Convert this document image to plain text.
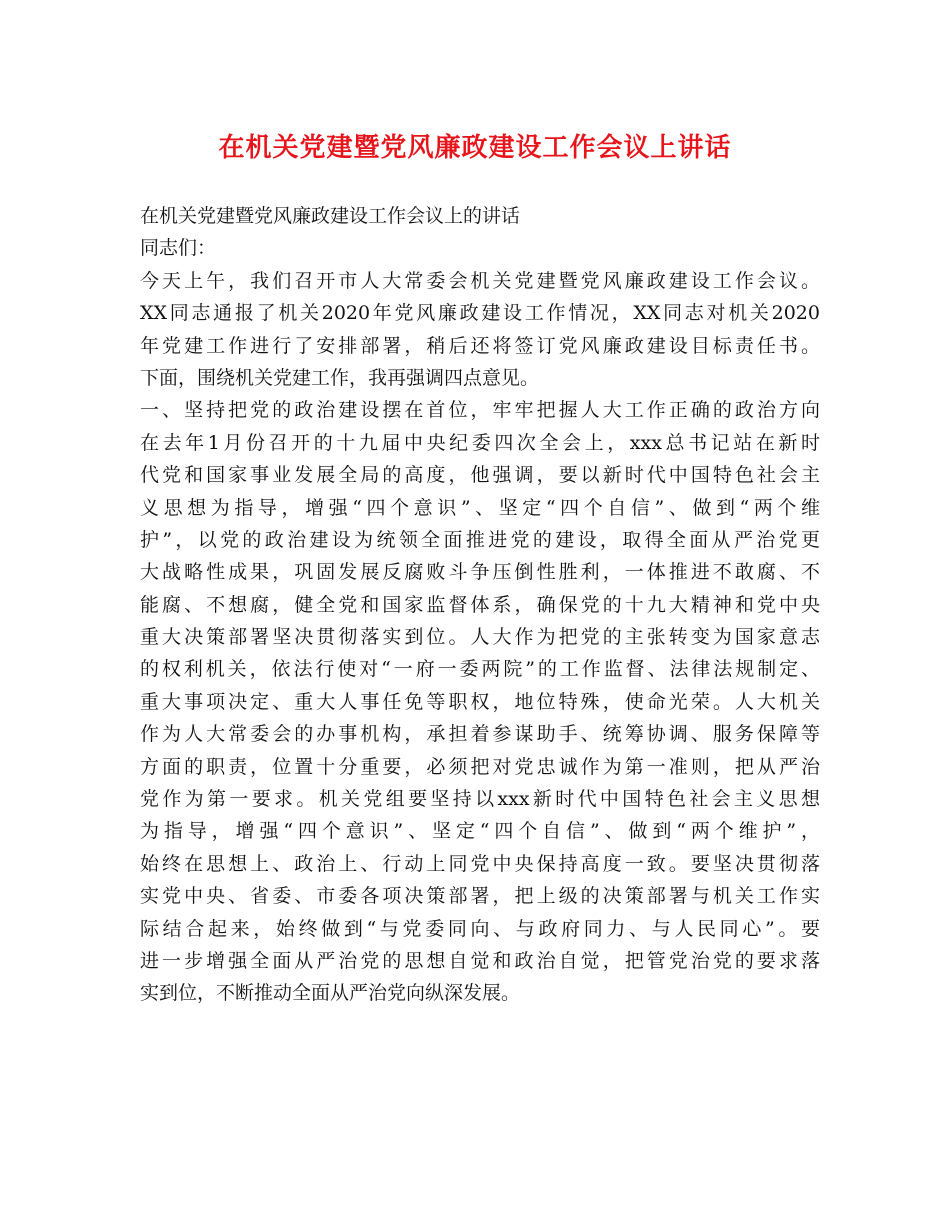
在机关党建暨党风廉政建设工作会议上讲话
在机关党建暨党风廉政建设工作会议上的讲话
同志们：
今天上午，我们召开市人大常委会机关党建暨党风廉政建设工作会议。
XX同志通报了机关2020年党风廉政建设工作情况，XX同志对机关2020
年党建工作进行了安排部署，稍后还将签订党风廉政建设目标责任书。
下面，围绕机关党建工作，我再强调四点意见。
一、坚持把党的政治建设摆在首位，牢牢把握人大工作正确的政治方向
在去年1月份召开的十九届中央纪委四次全会上，xxx总书记站在新时
代党和国家事业发展全局的高度，他强调，要以新时代中国特色社会主
义思想为指导，增强“四个意识”、坚定“四个自信”、做到“两个维
护”，以党的政治建设为统领全面推进党的建设，取得全面从严治党更
大战略性成果，巩固发展反腐败斗争压倒性胜利，一体推进不敢腐、不
能腐、不想腐，健全党和国家监督体系，确保党的十九大精神和党中央
重大决策部署坚决贯彻落实到位。人大作为把党的主张转变为国家意志
的权利机关，依法行使对“一府一委两院”的工作监督、法律法规制定、
重大事项决定、重大人事任免等职权，地位特殊，使命光荣。人大机关
作为人大常委会的办事机构，承担着参谋助手、统筹协调、服务保障等
方面的职责，位置十分重要，必须把对党忠诚作为第一准则，把从严治
党作为第一要求。机关党组要坚持以xxx新时代中国特色社会主义思想
为指导，增强“四个意识”、坚定“四个自信”、做到“两个维护”，
始终在思想上、政治上、行动上同党中央保持高度一致。要坚决贯彻落
实党中央、省委、市委各项决策部署，把上级的决策部署与机关工作实
际结合起来，始终做到“与党委同向、与政府同力、与人民同心”。要
进一步增强全面从严治党的思想自觉和政治自觉，把管党治党的要求落
实到位，不断推动全面从严治党向纵深发展。
